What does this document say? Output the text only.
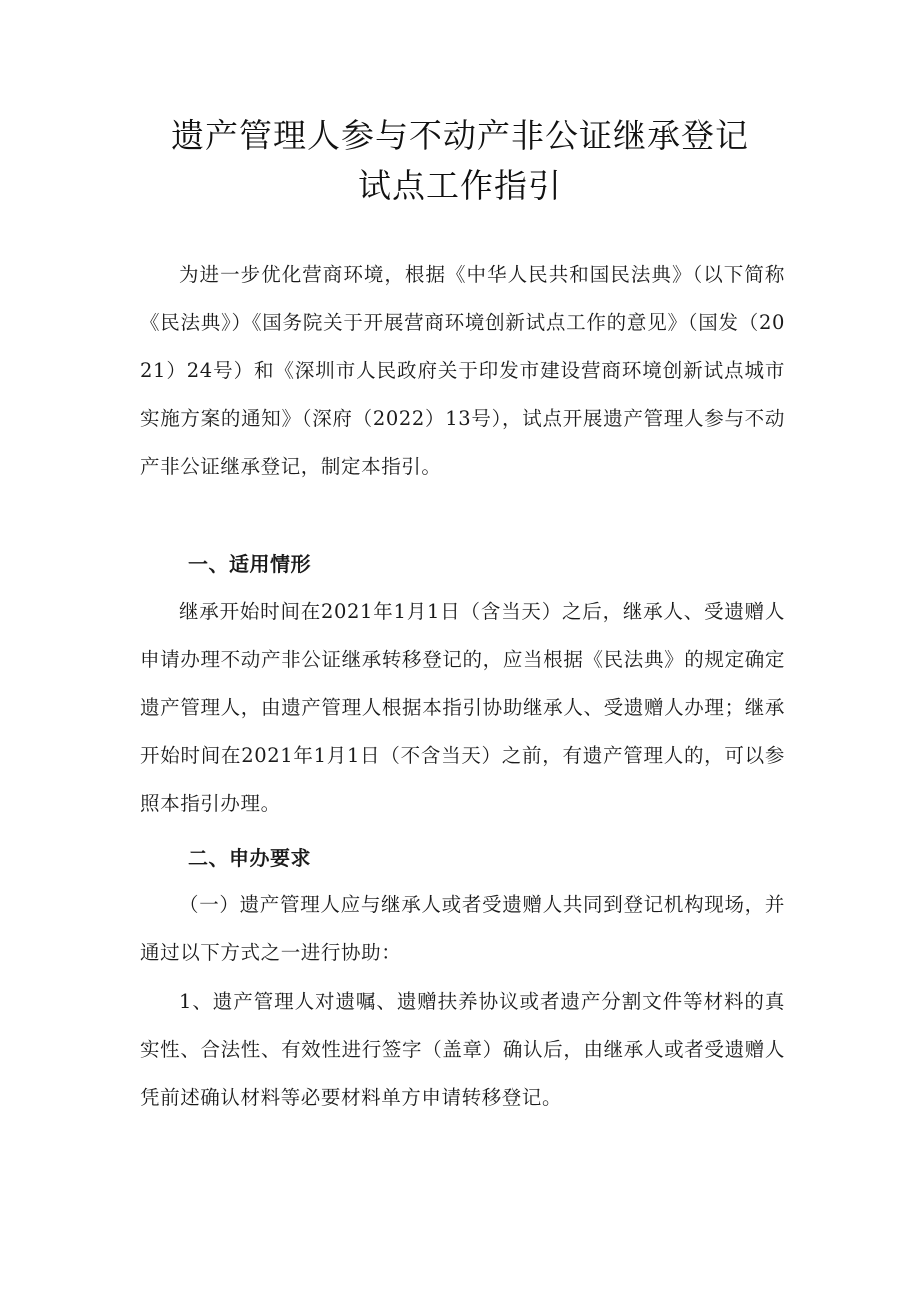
遗产管理人参与不动产非公证继承登记
试点工作指引
为进一步优化营商环境，根据《中华人民共和国民法典》（以下简称《民法典》）《国务院关于开展营商环境创新试点工作的意见》（国发（2021）24号）和《深圳市人民政府关于印发市建设营商环境创新试点城市实施方案的通知》（深府（2022）13号），试点开展遗产管理人参与不动产非公证继承登记，制定本指引。
一、适用情形
继承开始时间在2021年1月1日（含当天）之后，继承人、受遗赠人申请办理不动产非公证继承转移登记的，应当根据《民法典》的规定确定遗产管理人，由遗产管理人根据本指引协助继承人、受遗赠人办理；继承开始时间在2021年1月1日（不含当天）之前，有遗产管理人的，可以参照本指引办理。
二、申办要求
（一）遗产管理人应与继承人或者受遗赠人共同到登记机构现场，并通过以下方式之一进行协助：
1、遗产管理人对遗嘱、遗赠扶养协议或者遗产分割文件等材料的真实性、合法性、有效性进行签字（盖章）确认后，由继承人或者受遗赠人凭前述确认材料等必要材料单方申请转移登记。
